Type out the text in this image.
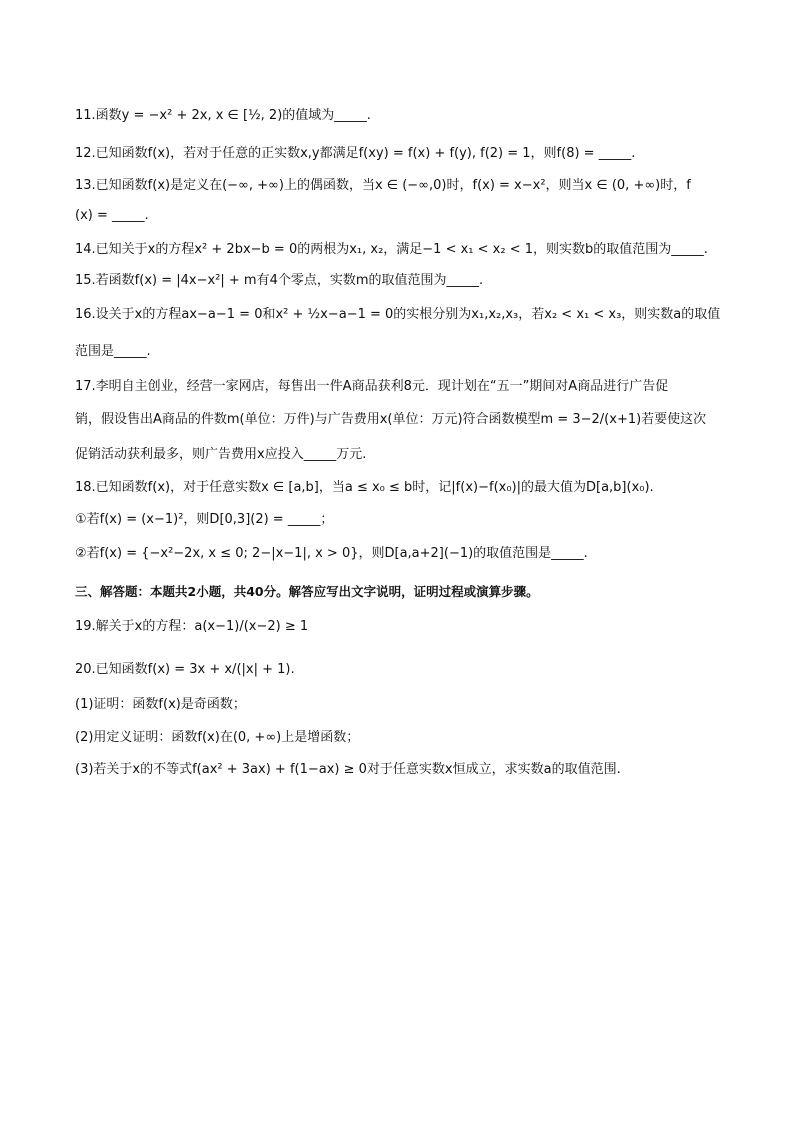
11.函数y = −x² + 2x, x ∈ [½, 2)的值域为_____.
12.已知函数f(x)，若对于任意的正实数x,y都满足f(xy) = f(x) + f(y), f(2) = 1，则f(8) = _____.
13.已知函数f(x)是定义在(−∞, +∞)上的偶函数，当x ∈ (−∞,0)时，f(x) = x−x²，则当x ∈ (0, +∞)时，f
(x) = _____.
14.已知关于x的方程x² + 2bx−b = 0的两根为x₁, x₂，满足−1 < x₁ < x₂ < 1，则实数b的取值范围为_____.
15.若函数f(x) = |4x−x²| + m有4个零点，实数m的取值范围为_____.
16.设关于x的方程ax−a−1 = 0和x² + ½x−a−1 = 0的实根分别为x₁,x₂,x₃，若x₂ < x₁ < x₃，则实数a的取值
范围是_____.
17.李明自主创业，经营一家网店，每售出一件A商品获利8元．现计划在“五一”期间对A商品进行广告促
销，假设售出A商品的件数m(单位：万件)与广告费用x(单位：万元)符合函数模型m = 3−2/(x+1)若要使这次
促销活动获利最多，则广告费用x应投入_____万元.
18.已知函数f(x)，对于任意实数x ∈ [a,b]，当a ≤ x₀ ≤ b时，记|f(x)−f(x₀)|的最大值为D[a,b](x₀).
①若f(x) = (x−1)²，则D[0,3](2) = _____；
②若f(x) = {−x²−2x, x ≤ 0; 2−|x−1|, x > 0}，则D[a,a+2](−1)的取值范围是_____.
三、解答题：本题共2小题，共40分。解答应写出文字说明，证明过程或演算步骤。
19.解关于x的方程：a(x−1)/(x−2) ≥ 1
20.已知函数f(x) = 3x + x/(|x| + 1).
(1)证明：函数f(x)是奇函数；
(2)用定义证明：函数f(x)在(0, +∞)上是增函数；
(3)若关于x的不等式f(ax² + 3ax) + f(1−ax) ≥ 0对于任意实数x恒成立，求实数a的取值范围.
